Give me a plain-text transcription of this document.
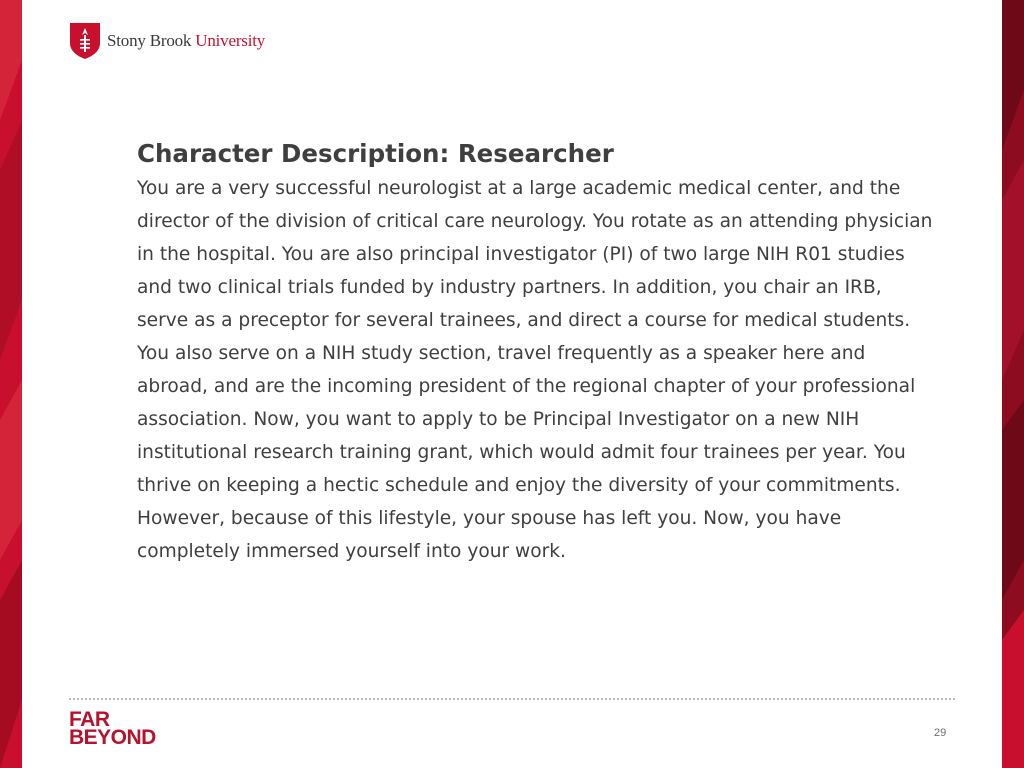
Stony Brook University
Character Description: Researcher

You are a very successful neurologist at a large academic medical center, and the director of the division of critical care neurology. You rotate as an attending physician in the hospital. You are also principal investigator (PI) of two large NIH R01 studies and two clinical trials funded by industry partners. In addition, you chair an IRB, serve as a preceptor for several trainees, and direct a course for medical students. You also serve on a NIH study section, travel frequently as a speaker here and abroad, and are the incoming president of the regional chapter of your professional association. Now, you want to apply to be Principal Investigator on a new NIH institutional research training grant, which would admit four trainees per year. You thrive on keeping a hectic schedule and enjoy the diversity of your commitments. However, because of this lifestyle, your spouse has left you. Now, you have completely immersed yourself into your work.

FAR
BEYOND	29
